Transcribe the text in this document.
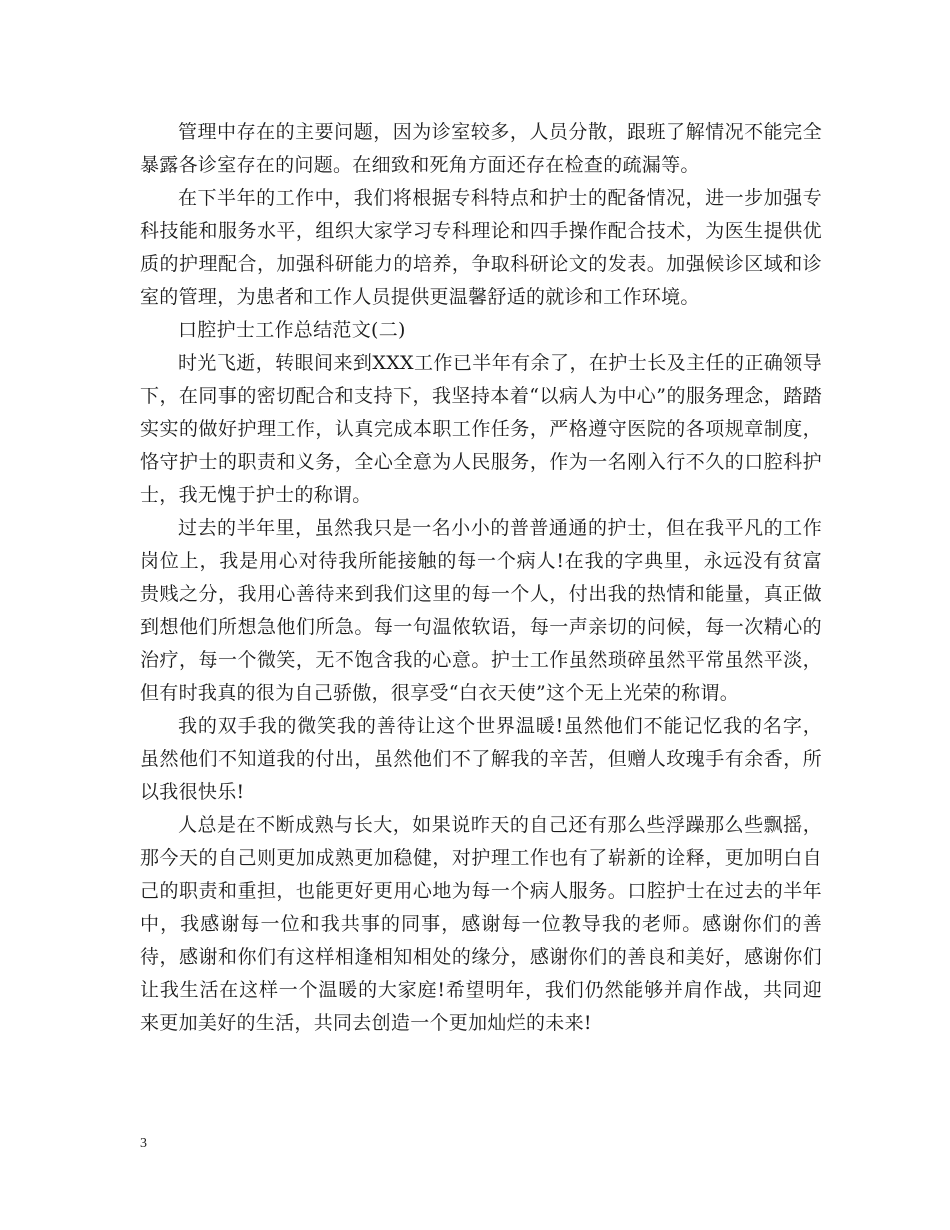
管理中存在的主要问题，因为诊室较多，人员分散，跟班了解情况不能完全暴露各诊室存在的问题。在细致和死角方面还存在检查的疏漏等。

在下半年的工作中，我们将根据专科特点和护士的配备情况，进一步加强专科技能和服务水平，组织大家学习专科理论和四手操作配合技术，为医生提供优质的护理配合，加强科研能力的培养，争取科研论文的发表。加强候诊区域和诊室的管理，为患者和工作人员提供更温馨舒适的就诊和工作环境。

口腔护士工作总结范文(二)

时光飞逝，转眼间来到XXX工作已半年有余了，在护士长及主任的正确领导下，在同事的密切配合和支持下，我坚持本着“以病人为中心”的服务理念，踏踏实实的做好护理工作，认真完成本职工作任务，严格遵守医院的各项规章制度，恪守护士的职责和义务，全心全意为人民服务，作为一名刚入行不久的口腔科护士，我无愧于护士的称谓。

过去的半年里，虽然我只是一名小小的普普通通的护士，但在我平凡的工作岗位上，我是用心对待我所能接触的每一个病人!在我的字典里，永远没有贫富贵贱之分，我用心善待来到我们这里的每一个人，付出我的热情和能量，真正做到想他们所想急他们所急。每一句温侬软语，每一声亲切的问候，每一次精心的治疗，每一个微笑，无不饱含我的心意。护士工作虽然琐碎虽然平常虽然平淡，但有时我真的很为自己骄傲，很享受“白衣天使”这个无上光荣的称谓。

我的双手我的微笑我的善待让这个世界温暖!虽然他们不能记忆我的名字，虽然他们不知道我的付出，虽然他们不了解我的辛苦，但赠人玫瑰手有余香，所以我很快乐!

人总是在不断成熟与长大，如果说昨天的自己还有那么些浮躁那么些飘摇，那今天的自己则更加成熟更加稳健，对护理工作也有了崭新的诠释，更加明白自己的职责和重担，也能更好更用心地为每一个病人服务。口腔护士在过去的半年中，我感谢每一位和我共事的同事，感谢每一位教导我的老师。感谢你们的善待，感谢和你们有这样相逢相知相处的缘分，感谢你们的善良和美好，感谢你们让我生活在这样一个温暖的大家庭!希望明年，我们仍然能够并肩作战，共同迎来更加美好的生活，共同去创造一个更加灿烂的未来!

3
